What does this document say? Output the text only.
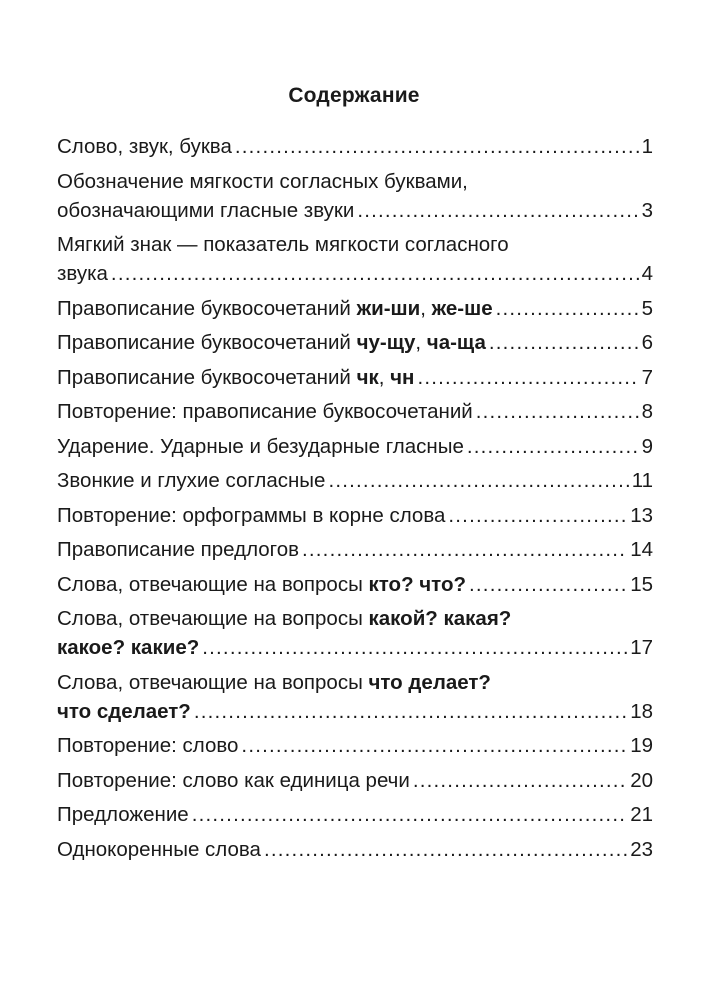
Содержание
Слово, звук, буква .....	1
Обозначение мягкости согласных буквами,
обозначающими гласные звуки .....	3
Мягкий знак — показатель мягкости согласного
звука .....	4
Правописание буквосочетаний жи-ши, же-ше .....	5
Правописание буквосочетаний чу-щу, ча-ща .....	6
Правописание буквосочетаний чк, чн .....	7
Повторение: правописание буквосочетаний .....	8
Ударение. Ударные и безударные гласные .....	9
Звонкие и глухие согласные .....	11
Повторение: орфограммы в корне слова .....	13
Правописание предлогов .....	14
Слова, отвечающие на вопросы кто? что? .....	15
Слова, отвечающие на вопросы какой? какая?
какое? какие? .....	17
Слова, отвечающие на вопросы что делает?
что сделает? .....	18
Повторение: слово .....	19
Повторение: слово как единица речи .....	20
Предложение .....	21
Однокоренные слова .....	23
